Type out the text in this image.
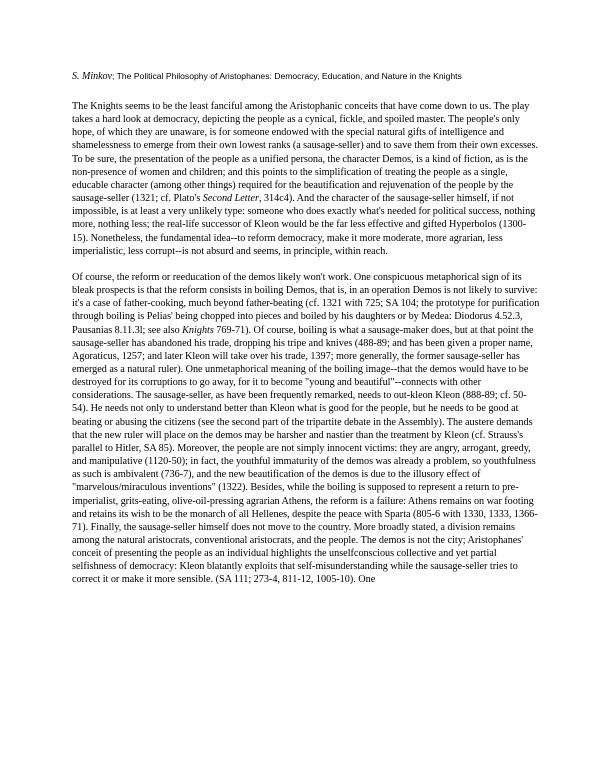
S. Minkov; The Political Philosophy of Aristophanes: Democracy, Education, and Nature in the Knights

The Knights seems to be the least fanciful among the Aristophanic conceits that have come down to us. The play takes a hard look at democracy, depicting the people as a cynical, fickle, and spoiled master. The people's only hope, of which they are unaware, is for someone endowed with the special natural gifts of intelligence and shamelessness to emerge from their own lowest ranks (a sausage-seller) and to save them from their own excesses. To be sure, the presentation of the people as a unified persona, the character Demos, is a kind of fiction, as is the non-presence of women and children; and this points to the simplification of treating the people as a single, educable character (among other things) required for the beautification and rejuvenation of the people by the sausage-seller (1321; cf. Plato's Second Letter, 314c4). And the character of the sausage-seller himself, if not impossible, is at least a very unlikely type: someone who does exactly what's needed for political success, nothing more, nothing less; the real-life successor of Kleon would be the far less effective and gifted Hyperbolos (1300-15). Nonetheless, the fundamental idea--to reform democracy, make it more moderate, more agrarian, less imperialistic, less corrupt--is not absurd and seems, in principle, within reach.

Of course, the reform or reeducation of the demos likely won't work. One conspicuous metaphorical sign of its bleak prospects is that the reform consists in boiling Demos, that is, in an operation Demos is not likely to survive: it's a case of father-cooking, much beyond father-beating (cf. 1321 with 725; SA 104; the prototype for purification through boiling is Pelias' being chopped into pieces and boiled by his daughters or by Medea: Diodorus 4.52.3, Pausanias 8.11.3l; see also Knights 769-71). Of course, boiling is what a sausage-maker does, but at that point the sausage-seller has abandoned his trade, dropping his tripe and knives (488-89; and has been given a proper name, Agoraticus, 1257; and later Kleon will take over his trade, 1397; more generally, the former sausage-seller has emerged as a natural ruler). One unmetaphorical meaning of the boiling image--that the demos would have to be destroyed for its corruptions to go away, for it to become "young and beautiful"--connects with other considerations. The sausage-seller, as have been frequently remarked, needs to out-kleon Kleon (888-89; cf. 50-54). He needs not only to understand better than Kleon what is good for the people, but he needs to be good at beating or abusing the citizens (see the second part of the tripartite debate in the Assembly). The austere demands that the new ruler will place on the demos may be harsher and nastier than the treatment by Kleon (cf. Strauss's parallel to Hitler, SA 85). Moreover, the people are not simply innocent victims: they are angry, arrogant, greedy, and manipulative (1120-50); in fact, the youthful immaturity of the demos was already a problem, so youthfulness as such is ambivalent (736-7), and the new beautification of the demos is due to the illusory effect of "marvelous/miraculous inventions" (1322). Besides, while the boiling is supposed to represent a return to pre-imperialist, grits-eating, olive-oil-pressing agrarian Athens, the reform is a failure: Athens remains on war footing and retains its wish to be the monarch of all Hellenes, despite the peace with Sparta (805-6 with 1330, 1333, 1366-71). Finally, the sausage-seller himself does not move to the country. More broadly stated, a division remains among the natural aristocrats, conventional aristocrats, and the people. The demos is not the city; Aristophanes' conceit of presenting the people as an individual highlights the unselfconscious collective and yet partial selfishness of democracy: Kleon blatantly exploits that self-misunderstanding while the sausage-seller tries to correct it or make it more sensible. (SA 111; 273-4, 811-12, 1005-10). One
